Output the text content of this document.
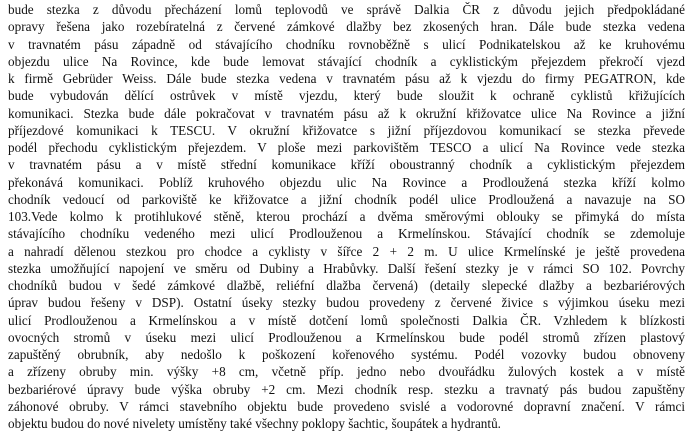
bude stezka z důvodu přecházení lomů teplovodů ve správě Dalkia ČR z důvodu jejich předpokládané
opravy řešena jako rozebíratelná z červené zámkové dlažby bez zkosených hran. Dále bude stezka vedena
v travnatém pásu západně od stávajícího chodníku rovnoběžně s ulicí Podnikatelskou až ke kruhovému
objezdu ulice Na Rovince, kde bude lemovat stávající chodník a cyklistickým přejezdem překročí vjezd
k firmě Gebrüder Weiss. Dále bude stezka vedena v travnatém pásu až k vjezdu do firmy PEGATRON, kde
bude vybudován dělící ostrůvek v místě vjezdu, který bude sloužit k ochraně cyklistů křižujících
komunikaci. Stezka bude dále pokračovat v travnatém pásu až k okružní křižovatce ulice Na Rovince a jižní
příjezdové komunikaci k TESCU. V okružní křižovatce s jižní příjezdovou komunikací se stezka převede
podél přechodu cyklistickým přejezdem. V ploše mezi parkovištěm TESCO a ulicí Na Rovince vede stezka
v travnatém pásu a v místě střední komunikace kříží oboustranný chodník a cyklistickým přejezdem
překonává komunikaci. Poblíž kruhového objezdu ulic Na Rovince a Prodloužená stezka kříží kolmo
chodník vedoucí od parkoviště ke křižovatce a jižní chodník podél ulice Prodloužená a navazuje na SO
103.Vede kolmo k protihlukové stěně, kterou prochází a dvěma směrovými oblouky se přimyká do místa
stávajícího chodníku vedeného mezi ulicí Prodlouženou a Krmelínskou. Stávající chodník se zdemoluje
a nahradí dělenou stezkou pro chodce a cyklisty v šířce 2 + 2 m. U ulice Krmelínské je ještě provedena
stezka umožňující napojení ve směru od Dubiny a Hrabůvky. Další řešení stezky je v rámci SO 102. Povrchy
chodníků budou v šedé zámkové dlažbě, reliéfní dlažba červená) (detaily slepecké dlažby a bezbariérových
úprav budou řešeny v DSP). Ostatní úseky stezky budou provedeny z červené živice s výjimkou úseku mezi
ulicí Prodlouženou a Krmelínskou a v místě dotčení lomů společnosti Dalkia ČR. Vzhledem k blízkosti
ovocných stromů v úseku mezi ulicí Prodlouženou a Krmelínskou bude podél stromů zřízen plastový
zapuštěný obrubník, aby nedošlo k poškození kořenového systému. Podél vozovky budou obnoveny
a zřízeny obruby min. výšky +8 cm, včetně příp. jedno nebo dvouřádku žulových kostek a v místě
bezbariérové úpravy bude výška obruby +2 cm. Mezi chodník resp. stezku a travnatý pás budou zapuštěny
záhonové obruby. V rámci stavebního objektu bude provedeno svislé a vodorovné dopravní značení. V rámci
objektu budou do nové nivelety umístěny také všechny poklopy šachtic, šoupátek a hydrantů.
